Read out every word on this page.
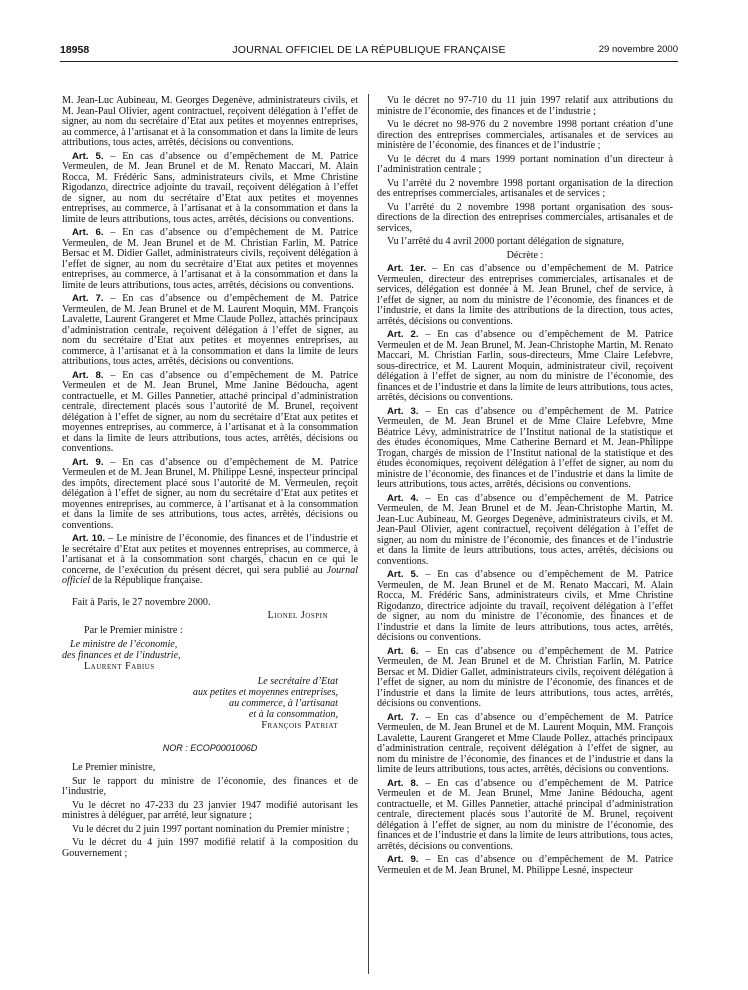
18958	JOURNAL OFFICIEL DE LA RÉPUBLIQUE FRANÇAISE	29 novembre 2000

M. Jean-Luc Aubineau, M. Georges Degenève, administrateurs civils, et M. Jean-Paul Olivier, agent contractuel, reçoivent délégation à l’effet de signer, au nom du secrétaire d’Etat aux petites et moyennes entreprises, au commerce, à l’artisanat et à la consommation et dans la limite de leurs attributions, tous actes, arrêtés, décisions ou conventions.

Art. 5. – En cas d’absence ou d’empêchement de M. Patrice Vermeulen, de M. Jean Brunel et de M. Renato Maccari, M. Alain Rocca, M. Frédéric Sans, administrateurs civils, et Mme Christine Rigodanzo, directrice adjointe du travail, reçoivent délégation à l’effet de signer, au nom du secrétaire d’Etat aux petites et moyennes entreprises, au commerce, à l’artisanat et à la consommation et dans la limite de leurs attributions, tous actes, arrêtés, décisions ou conventions.

Art. 6. – En cas d’absence ou d’empêchement de M. Patrice Vermeulen, de M. Jean Brunel et de M. Christian Farlin, M. Patrice Bersac et M. Didier Gallet, administrateurs civils, reçoivent délégation à l’effet de signer, au nom du secrétaire d’Etat aux petites et moyennes entreprises, au commerce, à l’artisanat et à la consommation et dans la limite de leurs attributions, tous actes, arrêtés, décisions ou conventions.

Art. 7. – En cas d’absence ou d’empêchement de M. Patrice Vermeulen, de M. Jean Brunel et de M. Laurent Moquin, MM. François Lavalette, Laurent Grangeret et Mme Claude Pollez, attachés principaux d’administration centrale, reçoivent délégation à l’effet de signer, au nom du secrétaire d’Etat aux petites et moyennes entreprises, au commerce, à l’artisanat et à la consommation et dans la limite de leurs attributions, tous actes, arrêtés, décisions ou conventions.

Art. 8. – En cas d’absence ou d’empêchement de M. Patrice Vermeulen et de M. Jean Brunel, Mme Janine Bédoucha, agent contractuelle, et M. Gilles Pannetier, attaché principal d’administration centrale, directement placés sous l’autorité de M. Brunel, reçoivent délégation à l’effet de signer, au nom du secrétaire d’Etat aux petites et moyennes entreprises, au commerce, à l’artisanat et à la consommation et dans la limite de leurs attributions, tous actes, arrêtés, décisions ou conventions.

Art. 9. – En cas d’absence ou d’empêchement de M. Patrice Vermeulen et de M. Jean Brunel, M. Philippe Lesné, inspecteur principal des impôts, directement placé sous l’autorité de M. Vermeulen, reçoit délégation à l’effet de signer, au nom du secrétaire d’Etat aux petites et moyennes entreprises, au commerce, à l’artisanat et à la consommation et dans la limite de ses attributions, tous actes, arrêtés, décisions ou conventions.

Art. 10. – Le ministre de l’économie, des finances et de l’industrie et le secrétaire d’Etat aux petites et moyennes entreprises, au commerce, à l’artisanat et à la consommation sont chargés, chacun en ce qui le concerne, de l’exécution du présent décret, qui sera publié au Journal officiel de la République française.

Fait à Paris, le 27 novembre 2000.

Lionel Jospin

Par le Premier ministre :

Le ministre de l’économie,

des finances et de l’industrie,

Laurent Fabius

Le secrétaire d’Etat

aux petites et moyennes entreprises,

au commerce, à l’artisanat

et à la consommation,

François Patriat

NOR : ECOP0001006D

Le Premier ministre,

Sur le rapport du ministre de l’économie, des finances et de l’industrie,

Vu le décret no 47-233 du 23 janvier 1947 modifié autorisant les ministres à déléguer, par arrêté, leur signature ;

Vu le décret du 2 juin 1997 portant nomination du Premier ministre ;

Vu le décret du 4 juin 1997 modifié relatif à la composition du Gouvernement ;

Vu le décret no 97-710 du 11 juin 1997 relatif aux attributions du ministre de l’économie, des finances et de l’industrie ;

Vu le décret no 98-976 du 2 novembre 1998 portant création d’une direction des entreprises commerciales, artisanales et de services au ministère de l’économie, des finances et de l’industrie ;

Vu le décret du 4 mars 1999 portant nomination d’un directeur à l’administration centrale ;

Vu l’arrêté du 2 novembre 1998 portant organisation de la direction des entreprises commerciales, artisanales et de services ;

Vu l’arrêté du 2 novembre 1998 portant organisation des sous-directions de la direction des entreprises commerciales, artisanales et de services,

Vu l’arrêté du 4 avril 2000 portant délégation de signature,

Décrète :

Art. 1er. – En cas d’absence ou d’empêchement de M. Patrice Vermeulen, directeur des entreprises commerciales, artisanales et de services, délégation est donnée à M. Jean Brunel, chef de service, à l’effet de signer, au nom du ministre de l’économie, des finances et de l’industrie, et dans la limite des attributions de la direction, tous actes, arrêtés, décisions ou conventions.

Art. 2. – En cas d’absence ou d’empêchement de M. Patrice Vermeulen et de M. Jean Brunel, M. Jean-Christophe Martin, M. Renato Maccari, M. Christian Farlin, sous-directeurs, Mme Claire Lefebvre, sous-directrice, et M. Laurent Moquin, administrateur civil, reçoivent délégation à l’effet de signer, au nom du ministre de l’économie, des finances et de l’industrie et dans la limite de leurs attributions, tous actes, arrêtés, décisions ou conventions.

Art. 3. – En cas d’absence ou d’empêchement de M. Patrice Vermeulen, de M. Jean Brunel et de Mme Claire Lefebvre, Mme Béatrice Lévy, administratrice de l’Institut national de la statistique et des études économiques, Mme Catherine Bernard et M. Jean-Philippe Trogan, chargés de mission de l’Institut national de la statistique et des études économiques, reçoivent délégation à l’effet de signer, au nom du ministre de l’économie, des finances et de l’industrie et dans la limite de leurs attributions, tous actes, arrêtés, décisions ou conventions.

Art. 4. – En cas d’absence ou d’empêchement de M. Patrice Vermeulen, de M. Jean Brunel et de M. Jean-Christophe Martin, M. Jean-Luc Aubineau, M. Georges Degenève, administrateurs civils, et M. Jean-Paul Olivier, agent contractuel, reçoivent délégation à l’effet de signer, au nom du ministre de l’économie, des finances et de l’industrie et dans la limite de leurs attributions, tous actes, arrêtés, décisions ou conventions.

Art. 5. – En cas d’absence ou d’empêchement de M. Patrice Vermeulen, de M. Jean Brunel et de M. Renato Maccari, M. Alain Rocca, M. Frédéric Sans, administrateurs civils, et Mme Christine Rigodanzo, directrice adjointe du travail, reçoivent délégation à l’effet de signer, au nom du ministre de l’économie, des finances et de l’industrie et dans la limite de leurs attributions, tous actes, arrêtés, décisions ou conventions.

Art. 6. – En cas d’absence ou d’empêchement de M. Patrice Vermeulen, de M. Jean Brunel et de M. Christian Farlin, M. Patrice Bersac et M. Didier Gallet, administrateurs civils, reçoivent délégation à l’effet de signer, au nom du ministre de l’économie, des finances et de l’industrie et dans la limite de leurs attributions, tous actes, arrêtés, décisions ou conventions.

Art. 7. – En cas d’absence ou d’empêchement de M. Patrice Vermeulen, de M. Jean Brunel et de M. Laurent Moquin, MM. François Lavalette, Laurent Grangeret et Mme Claude Pollez, attachés principaux d’administration centrale, reçoivent délégation à l’effet de signer, au nom du ministre de l’économie, des finances et de l’industrie et dans la limite de leurs attributions, tous actes, arrêtés, décisions ou conventions.

Art. 8. – En cas d’absence ou d’empêchement de M. Patrice Vermeulen et de M. Jean Brunel, Mme Janine Bédoucha, agent contractuelle, et M. Gilles Pannetier, attaché principal d’administration centrale, directement placés sous l’autorité de M. Brunel, reçoivent délégation à l’effet de signer, au nom du ministre de l’économie, des finances et de l’industrie et dans la limite de leurs attributions, tous actes, arrêtés, décisions ou conventions.

Art. 9. – En cas d’absence ou d’empêchement de M. Patrice Vermeulen et de M. Jean Brunel, M. Philippe Lesné, inspecteur
